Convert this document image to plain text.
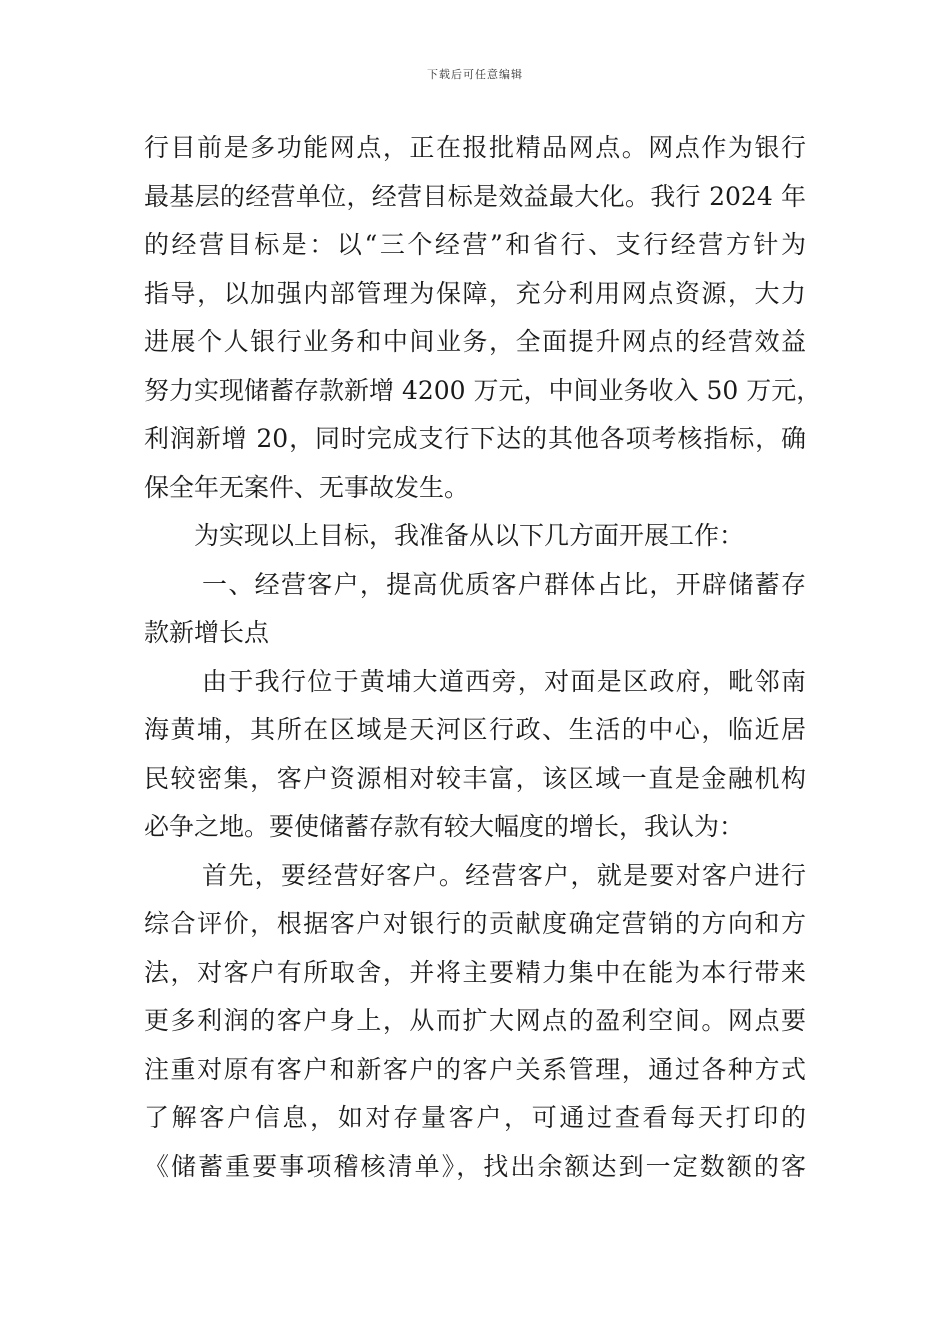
下载后可任意编辑
行目前是多功能网点，正在报批精品网点。网点作为银行
最基层的经营单位，经营目标是效益最大化。我行 2024 年
的经营目标是：以“三个经营”和省行、支行经营方针为
指导，以加强内部管理为保障，充分利用网点资源，大力
进展个人银行业务和中间业务，全面提升网点的经营效益
努力实现储蓄存款新增 4200 万元，中间业务收入 50 万元，
利润新增 20，同时完成支行下达的其他各项考核指标，确
保全年无案件、无事故发生。
为实现以上目标，我准备从以下几方面开展工作：
一、经营客户，提高优质客户群体占比，开辟储蓄存
款新增长点
由于我行位于黄埔大道西旁，对面是区政府，毗邻南
海黄埔，其所在区域是天河区行政、生活的中心，临近居
民较密集，客户资源相对较丰富，该区域一直是金融机构
必争之地。要使储蓄存款有较大幅度的增长，我认为：
首先，要经营好客户。经营客户，就是要对客户进行
综合评价，根据客户对银行的贡献度确定营销的方向和方
法，对客户有所取舍，并将主要精力集中在能为本行带来
更多利润的客户身上，从而扩大网点的盈利空间。网点要
注重对原有客户和新客户的客户关系管理，通过各种方式
了解客户信息，如对存量客户，可通过查看每天打印的
《储蓄重要事项稽核清单》，找出余额达到一定数额的客
